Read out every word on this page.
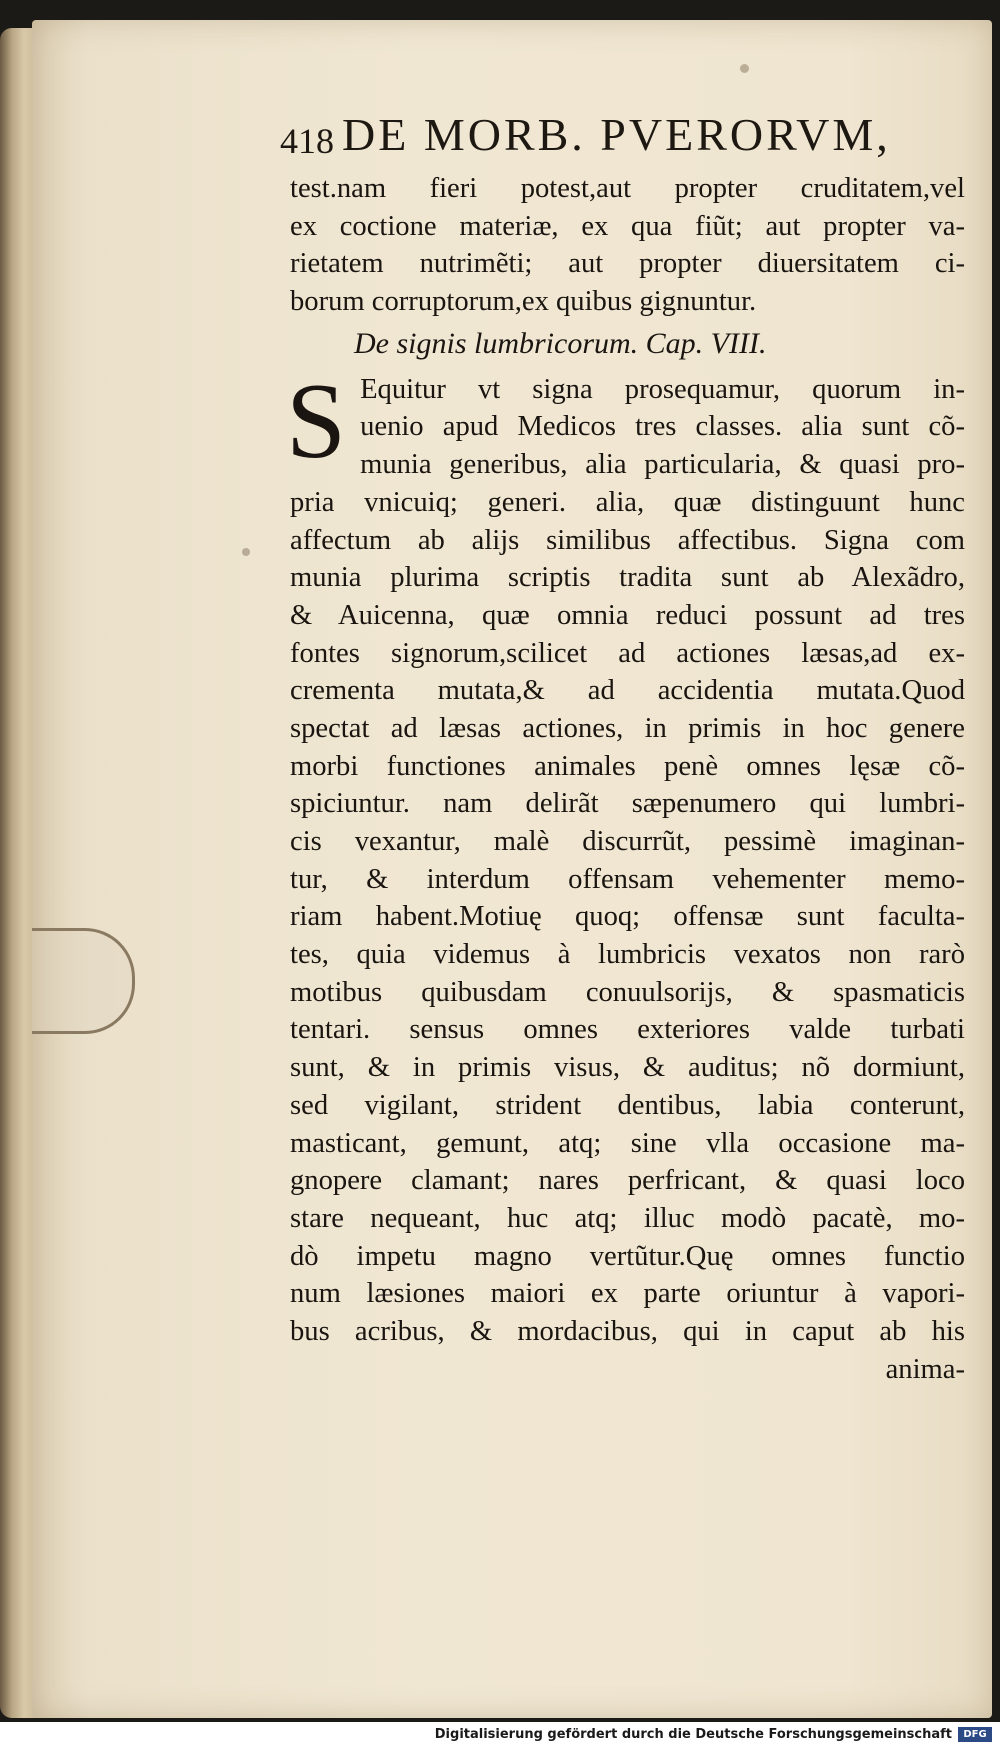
418 DE MORB. PVERORVM,
test.nam fieri potest,aut propter cruditatem,vel
ex coctione materiæ, ex qua fiũt; aut propter va-
rietatem nutrimẽti; aut propter diuersitatem ci-
borum corruptorum,ex quibus gignuntur.
De signis lumbricorum. Cap. VIII.
S Equitur vt signa prosequamur, quorum in-
uenio apud Medicos tres classes. alia sunt cõ-
munia generibus, alia particularia, & quasi pro-
pria vnicuiq; generi. alia, quæ distinguunt hunc
affectum ab alijs similibus affectibus. Signa com
munia plurima scriptis tradita sunt ab Alexãdro,
& Auicenna, quæ omnia reduci possunt ad tres
fontes signorum,scilicet ad actiones læsas,ad ex-
crementa mutata,& ad accidentia mutata.Quod
spectat ad læsas actiones, in primis in hoc genere
morbi functiones animales penè omnes lęsæ cõ-
spiciuntur. nam delirãt sæpenumero qui lumbri-
cis vexantur, malè discurrũt, pessimè imaginan-
tur, & interdum offensam vehementer memo-
riam habent.Motiuę quoq; offensæ sunt faculta-
tes, quia videmus à lumbricis vexatos non rarò
motibus quibusdam conuulsorijs, & spasmaticis
tentari. sensus omnes exteriores valde turbati
sunt, & in primis visus, & auditus; nõ dormiunt,
sed vigilant, strident dentibus, labia conterunt,
masticant, gemunt, atq; sine vlla occasione ma-
gnopere clamant; nares perfricant, & quasi loco
stare nequeant, huc atq; illuc modò pacatè, mo-
dò impetu magno vertũtur.Quę omnes functio
num læsiones maiori ex parte oriuntur à vapori-
bus acribus, & mordacibus, qui in caput ab his
anima-
Digitalisierung gefördert durch die Deutsche Forschungsgemeinschaft	DFG
